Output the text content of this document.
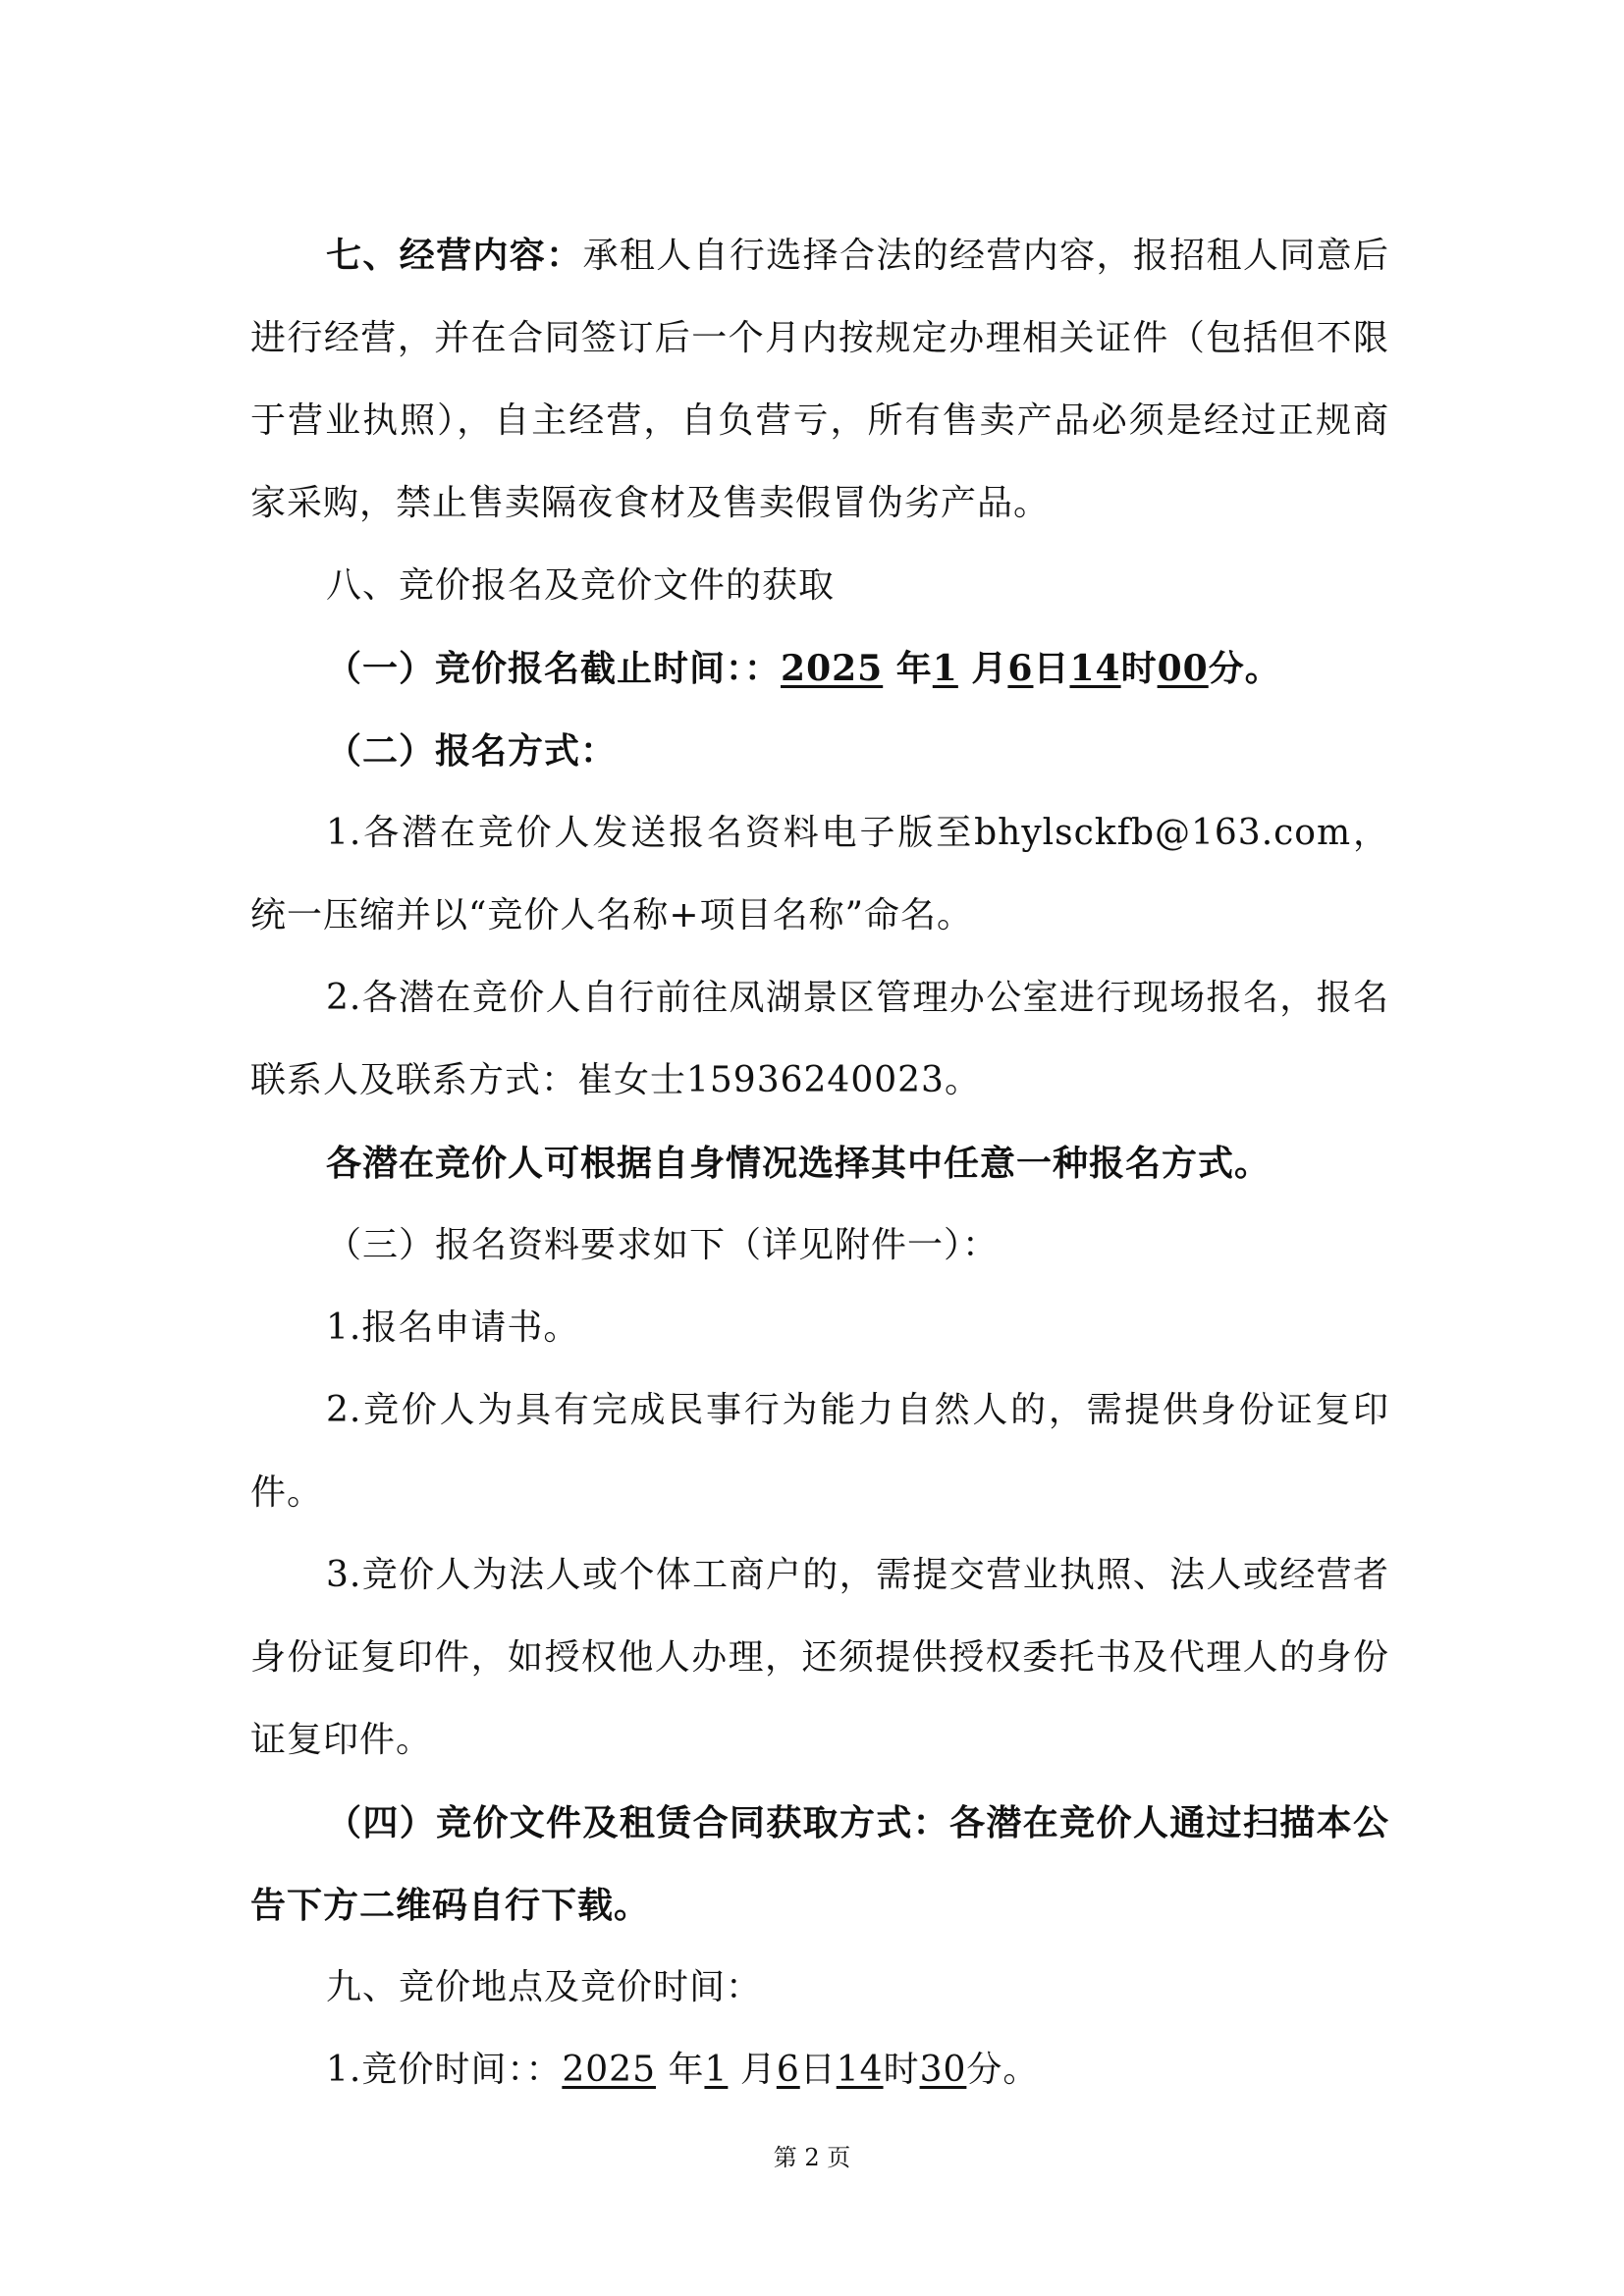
七、经营内容：承租人自行选择合法的经营内容，报招租人同意后进行经营，并在合同签订后一个月内按规定办理相关证件（包括但不限于营业执照），自主经营，自负营亏，所有售卖产品必须是经过正规商家采购，禁止售卖隔夜食材及售卖假冒伪劣产品。

八、竞价报名及竞价文件的获取

（一）竞价报名截止时间：：2025 年1 月6日14时00分。

（二）报名方式：

1.各潜在竞价人发送报名资料电子版至bhylsckfb@163.com，统一压缩并以“竞价人名称+项目名称”命名。

2.各潜在竞价人自行前往凤湖景区管理办公室进行现场报名，报名联系人及联系方式：崔女士15936240023。

各潜在竞价人可根据自身情况选择其中任意一种报名方式。

（三）报名资料要求如下（详见附件一）：

1.报名申请书。

2.竞价人为具有完成民事行为能力自然人的，需提供身份证复印件。

3.竞价人为法人或个体工商户的，需提交营业执照、法人或经营者身份证复印件，如授权他人办理，还须提供授权委托书及代理人的身份证复印件。

（四）竞价文件及租赁合同获取方式：各潜在竞价人通过扫描本公告下方二维码自行下载。

九、竞价地点及竞价时间：

1.竞价时间：：2025 年1 月6日14时30分。

第 2 页
